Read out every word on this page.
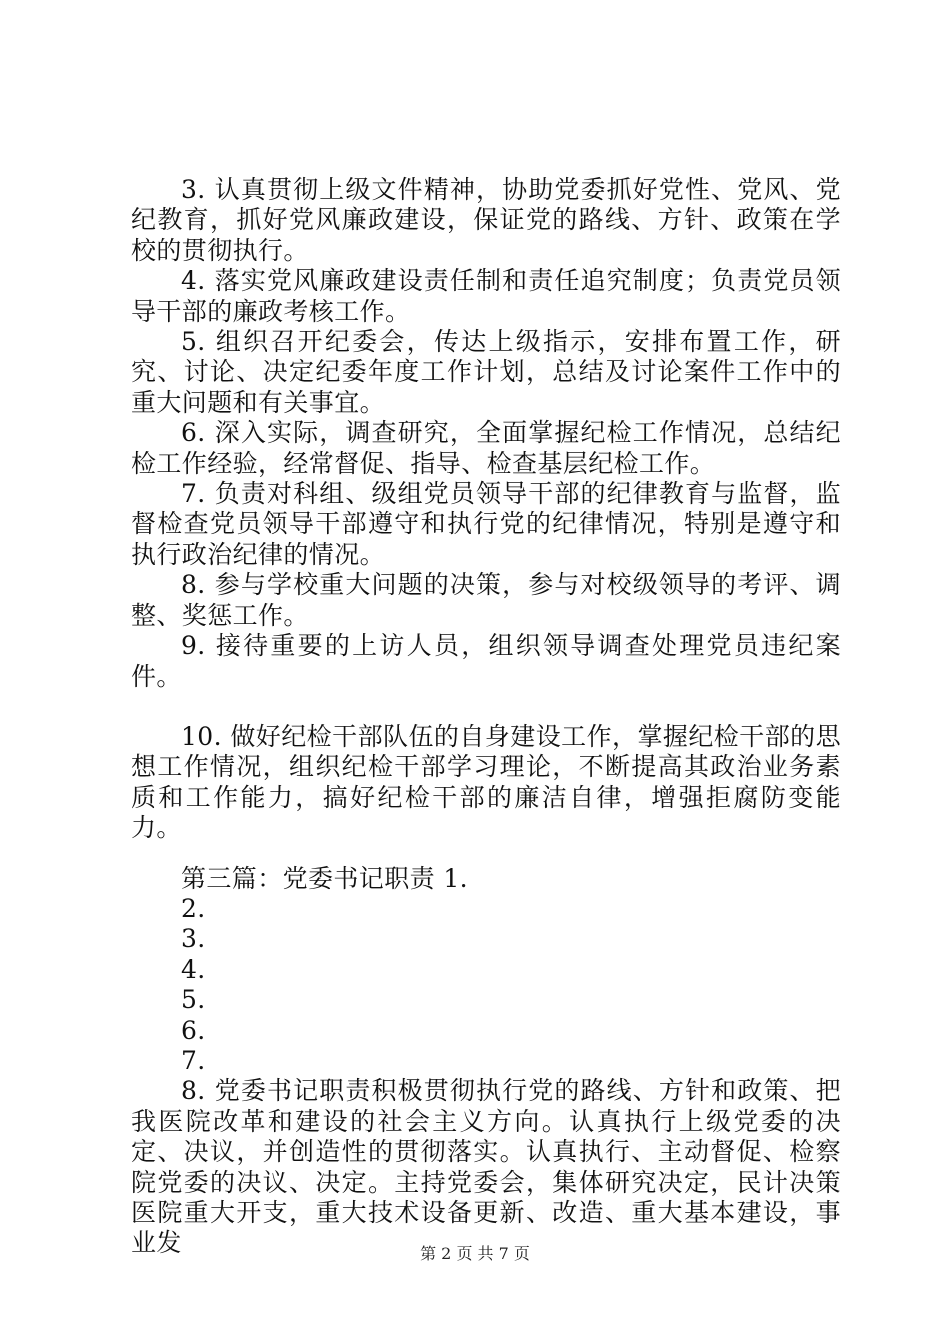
3. 认真贯彻上级文件精神，协助党委抓好党性、党风、党纪教育，抓好党风廉政建设，保证党的路线、方针、政策在学校的贯彻执行。

4. 落实党风廉政建设责任制和责任追究制度；负责党员领导干部的廉政考核工作。

5. 组织召开纪委会，传达上级指示，安排布置工作，研究、讨论、决定纪委年度工作计划，总结及讨论案件工作中的重大问题和有关事宜。

6. 深入实际，调查研究，全面掌握纪检工作情况，总结纪检工作经验，经常督促、指导、检查基层纪检工作。

7. 负责对科组、级组党员领导干部的纪律教育与监督，监督检查党员领导干部遵守和执行党的纪律情况，特别是遵守和执行政治纪律的情况。

8. 参与学校重大问题的决策，参与对校级领导的考评、调整、奖惩工作。

9. 接待重要的上访人员，组织领导调查处理党员违纪案件。

10. 做好纪检干部队伍的自身建设工作，掌握纪检干部的思想工作情况，组织纪检干部学习理论，不断提高其政治业务素质和工作能力，搞好纪检干部的廉洁自律，增强拒腐防变能力。

第三篇：党委书记职责 1.

2.

3.

4.

5.

6.

7.

8. 党委书记职责积极贯彻执行党的路线、方针和政策、把我医院改革和建设的社会主义方向。认真执行上级党委的决定、决议，并创造性的贯彻落实。认真执行、主动督促、检察院党委的决议、决定。主持党委会，集体研究决定，民计决策医院重大开支，重大技术设备更新、改造、重大基本建设，事业发	第 2 页 共 7 页
